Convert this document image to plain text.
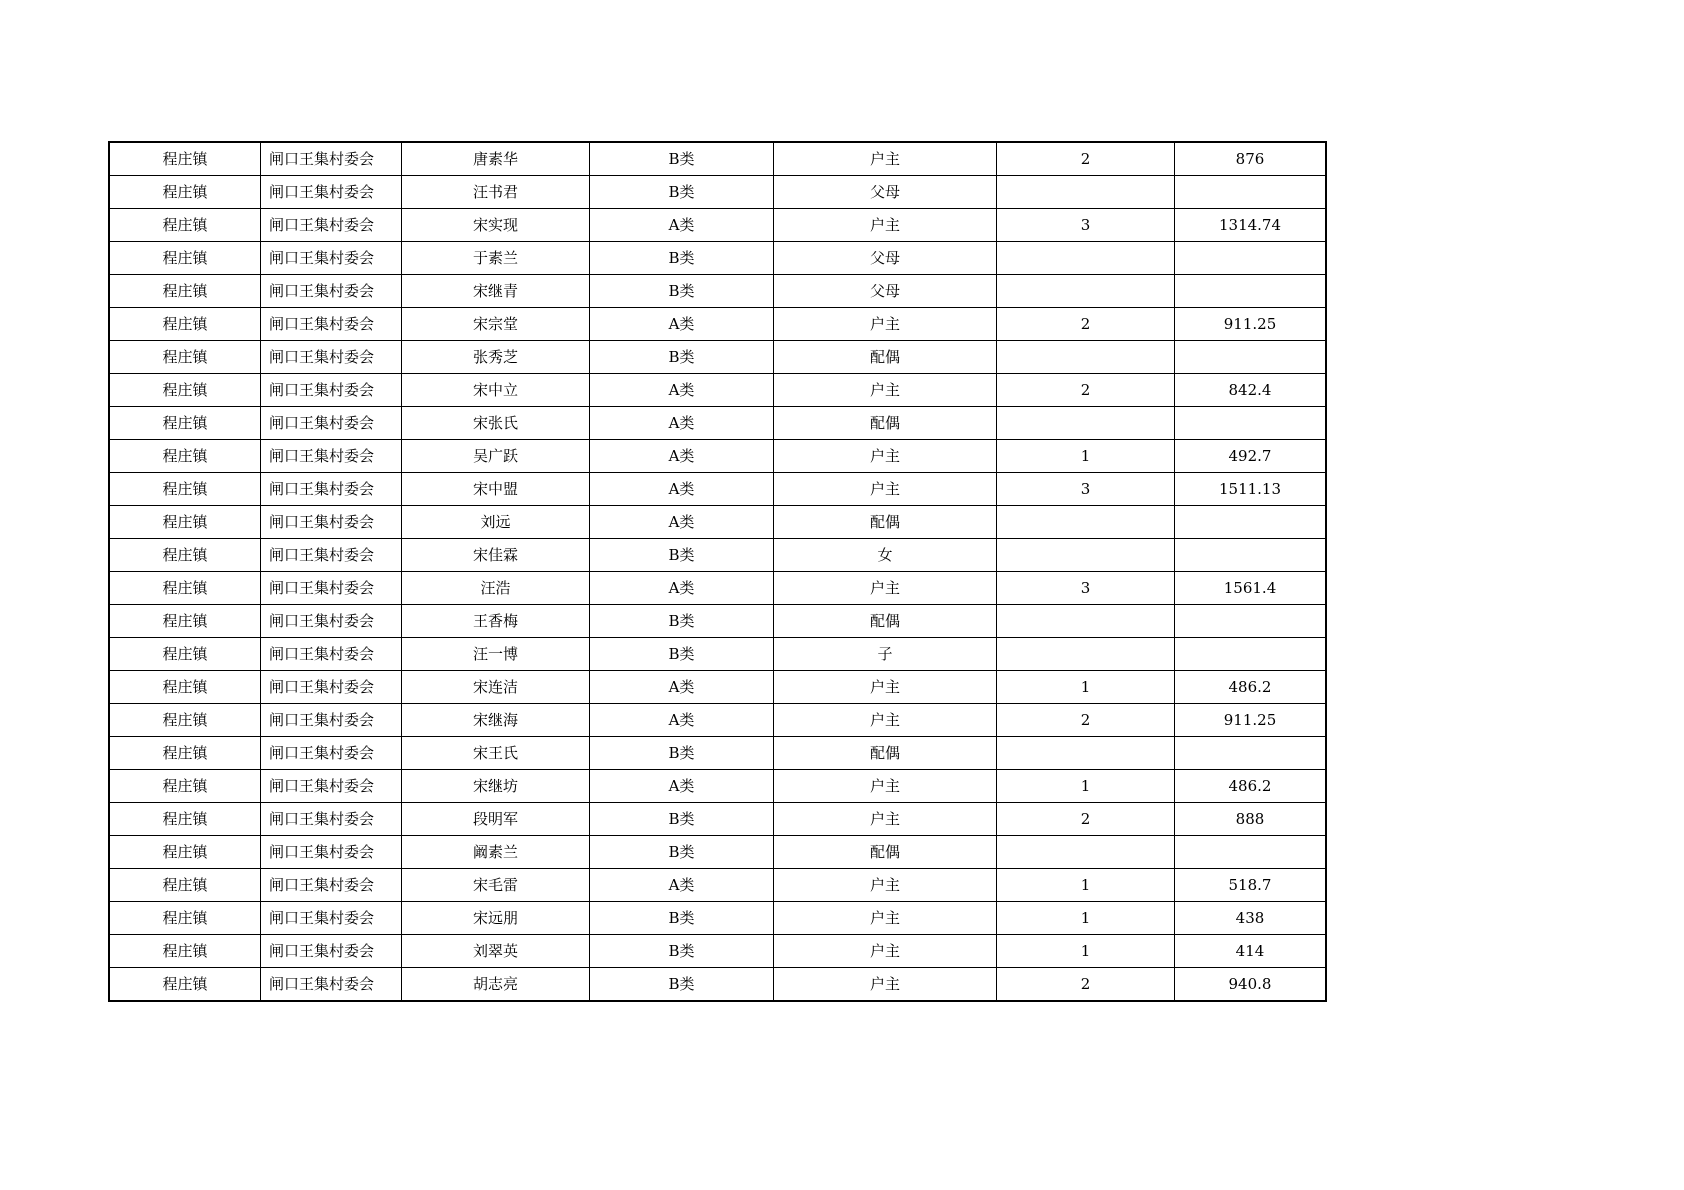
程庄镇	闸口王集村委会	唐素华	B类	户主	2	876
程庄镇	闸口王集村委会	汪书君	B类	父母		
程庄镇	闸口王集村委会	宋实现	A类	户主	3	1314.74
程庄镇	闸口王集村委会	于素兰	B类	父母		
程庄镇	闸口王集村委会	宋继青	B类	父母		
程庄镇	闸口王集村委会	宋宗堂	A类	户主	2	911.25
程庄镇	闸口王集村委会	张秀芝	B类	配偶		
程庄镇	闸口王集村委会	宋中立	A类	户主	2	842.4
程庄镇	闸口王集村委会	宋张氏	A类	配偶		
程庄镇	闸口王集村委会	吴广跃	A类	户主	1	492.7
程庄镇	闸口王集村委会	宋中盟	A类	户主	3	1511.13
程庄镇	闸口王集村委会	刘远	A类	配偶		
程庄镇	闸口王集村委会	宋佳霖	B类	女		
程庄镇	闸口王集村委会	汪浩	A类	户主	3	1561.4
程庄镇	闸口王集村委会	王香梅	B类	配偶		
程庄镇	闸口王集村委会	汪一博	B类	子		
程庄镇	闸口王集村委会	宋连洁	A类	户主	1	486.2
程庄镇	闸口王集村委会	宋继海	A类	户主	2	911.25
程庄镇	闸口王集村委会	宋王氏	B类	配偶		
程庄镇	闸口王集村委会	宋继坊	A类	户主	1	486.2
程庄镇	闸口王集村委会	段明军	B类	户主	2	888
程庄镇	闸口王集村委会	阚素兰	B类	配偶		
程庄镇	闸口王集村委会	宋毛雷	A类	户主	1	518.7
程庄镇	闸口王集村委会	宋远朋	B类	户主	1	438
程庄镇	闸口王集村委会	刘翠英	B类	户主	1	414
程庄镇	闸口王集村委会	胡志亮	B类	户主	2	940.8
